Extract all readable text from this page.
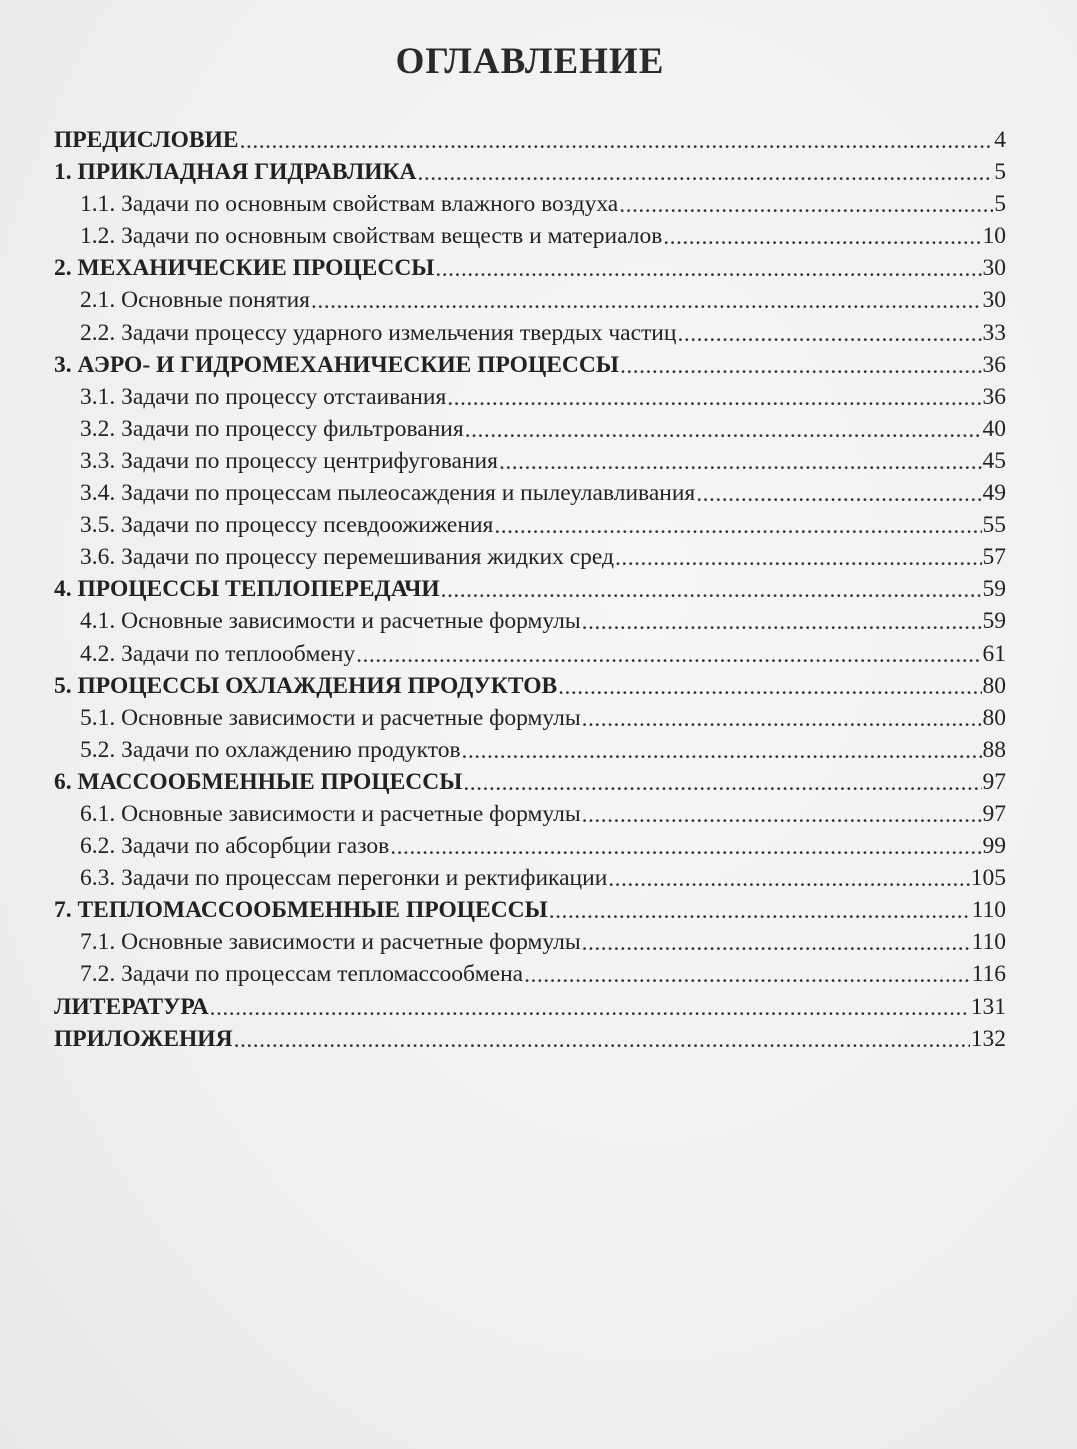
ОГЛАВЛЕНИЕ
ПРЕДИСЛОВИЕ .....	4
1. ПРИКЛАДНАЯ ГИДРАВЛИКА .....	5
1.1. Задачи по основным свойствам влажного воздуха .....	5
1.2. Задачи по основным свойствам веществ и материалов .....	10
2. МЕХАНИЧЕСКИЕ ПРОЦЕССЫ .....	30
2.1. Основные понятия .....	30
2.2. Задачи процессу ударного измельчения твердых частиц .....	33
3. АЭРО- И ГИДРОМЕХАНИЧЕСКИЕ ПРОЦЕССЫ .....	36
3.1. Задачи по процессу отстаивания .....	36
3.2. Задачи по процессу фильтрования .....	40
3.3. Задачи по процессу центрифугования .....	45
3.4. Задачи по процессам пылеосаждения и пылеулавливания .....	49
3.5. Задачи по процессу псевдоожижения .....	55
3.6. Задачи по процессу перемешивания жидких сред .....	57
4. ПРОЦЕССЫ ТЕПЛОПЕРЕДАЧИ .....	59
4.1. Основные зависимости и расчетные формулы .....	59
4.2. Задачи по теплообмену .....	61
5. ПРОЦЕССЫ ОХЛАЖДЕНИЯ ПРОДУКТОВ .....	80
5.1. Основные зависимости и расчетные формулы .....	80
5.2. Задачи по охлаждению продуктов .....	88
6. МАССООБМЕННЫЕ ПРОЦЕССЫ .....	97
6.1. Основные зависимости и расчетные формулы .....	97
6.2. Задачи по абсорбции газов .....	99
6.3. Задачи по процессам перегонки и ректификации .....	105
7. ТЕПЛОМАССООБМЕННЫЕ ПРОЦЕССЫ .....	110
7.1. Основные зависимости и расчетные формулы .....	110
7.2. Задачи по процессам тепломассообмена .....	116
ЛИТЕРАТУРА .....	131
ПРИЛОЖЕНИЯ .....	132
